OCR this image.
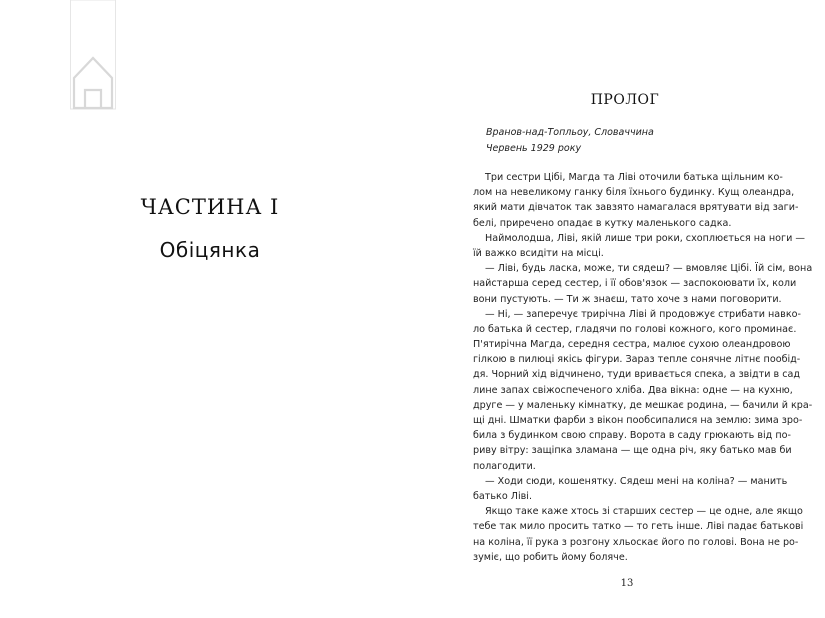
ЧАСТИНА I
Обіцянка
ПРОЛОГ
Вранов-над-Топльоу, Словаччина
Червень 1929 року
Три сестри Цібі, Магда та Ліві оточили батька щільним ко-
лом на невеликому ганку біля їхнього будинку. Кущ олеандра,
який мати дівчаток так завзято намагалася врятувати від заги-
белі, приречено опадає в кутку маленького садка.
Наймолодша, Ліві, якій лише три роки, схоплюється на ноги —
їй важко всидіти на місці.
— Ліві, будь ласка, може, ти сядеш? — вмовляє Цібі. Їй сім, вона
найстарша серед сестер, і її обов'язок — заспокоювати їх, коли
вони пустують. — Ти ж знаєш, тато хоче з нами поговорити.
— Ні, — заперечує трирічна Ліві й продовжує стрибати навко-
ло батька й сестер, гладячи по голові кожного, кого проминає.
П'ятирічна Магда, середня сестра, малює сухою олеандровою
гілкою в пилюці якісь фігури. Зараз тепле сонячне літнє пообід-
дя. Чорний хід відчинено, туди вривається спека, а звідти в сад
лине запах свіжоспеченого хліба. Два вікна: одне — на кухню,
друге — у маленьку кімнатку, де мешкає родина, — бачили й кра-
щі дні. Шматки фарби з вікон пообсипалися на землю: зима зро-
била з будинком свою справу. Ворота в саду грюкають від по-
риву вітру: защіпка зламана — ще одна річ, яку батько мав би
полагодити.
— Ходи сюди, кошенятку. Сядеш мені на коліна? — манить
батько Ліві.
Якщо таке каже хтось зі старших сестер — це одне, але якщо
тебе так мило просить татко — то геть інше. Ліві падає батькові
на коліна, її рука з розгону хльоскає його по голові. Вона не ро-
зуміє, що робить йому боляче.
13
